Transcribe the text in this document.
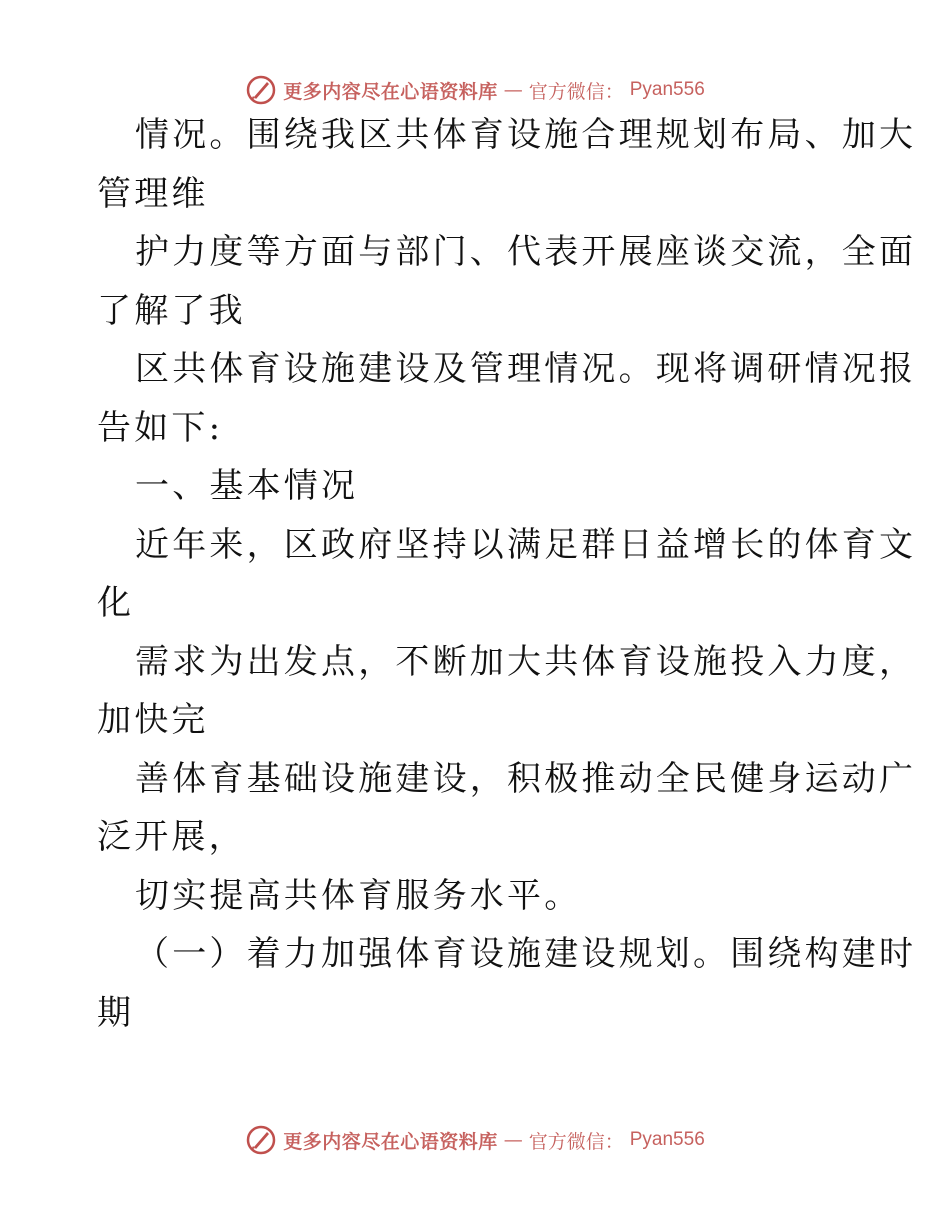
更多内容尽在心语资料库 — 官方微信： Pyan556
情况。围绕我区共体育设施合理规划布局、加大
管理维
护力度等方面与部门、代表开展座谈交流，全面
了解了我
区共体育设施建设及管理情况。现将调研情况报
告如下:
一、基本情况
近年来，区政府坚持以满足群日益增长的体育文
化
需求为出发点，不断加大共体育设施投入力度，
加快完
善体育基础设施建设，积极推动全民健身运动广
泛开展，
切实提高共体育服务水平。
（一）着力加强体育设施建设规划。围绕构建时
期
更多内容尽在心语资料库 — 官方微信： Pyan556
